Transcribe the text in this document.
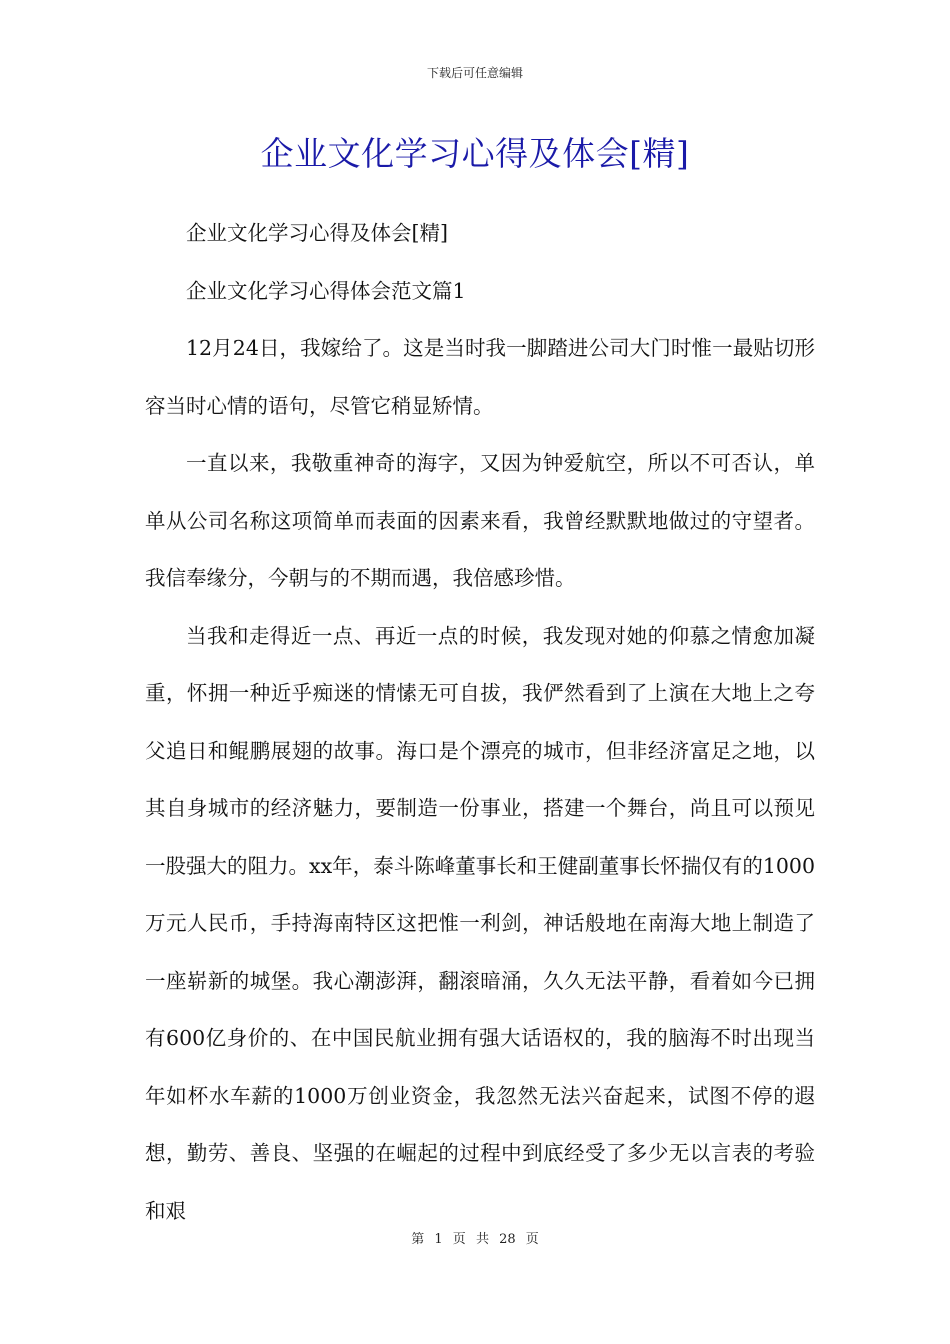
下载后可任意编辑
企业文化学习心得及体会[精]

企业文化学习心得及体会[精]

企业文化学习心得体会范文篇1

12月24日，我嫁给了。这是当时我一脚踏进公司大门时惟一最贴切形容当时心情的语句，尽管它稍显矫情。

一直以来，我敬重神奇的海字，又因为钟爱航空，所以不可否认，单单从公司名称这项简单而表面的因素来看，我曾经默默地做过的守望者。我信奉缘分，今朝与的不期而遇，我倍感珍惜。

当我和走得近一点、再近一点的时候，我发现对她的仰慕之情愈加凝重，怀拥一种近乎痴迷的情愫无可自拔，我俨然看到了上演在大地上之夸父追日和鲲鹏展翅的故事。海口是个漂亮的城市，但非经济富足之地，以其自身城市的经济魅力，要制造一份事业，搭建一个舞台，尚且可以预见一股强大的阻力。xx年，泰斗陈峰董事长和王健副董事长怀揣仅有的1000万元人民币，手持海南特区这把惟一利剑，神话般地在南海大地上制造了一座崭新的城堡。我心潮澎湃，翻滚暗涌，久久无法平静，看着如今已拥有600亿身价的、在中国民航业拥有强大话语权的，我的脑海不时出现当年如杯水车薪的1000万创业资金，我忽然无法兴奋起来，试图不停的遐想，勤劳、善良、坚强的在崛起的过程中到底经受了多少无以言表的考验和艰

第 1 页 共 28 页
